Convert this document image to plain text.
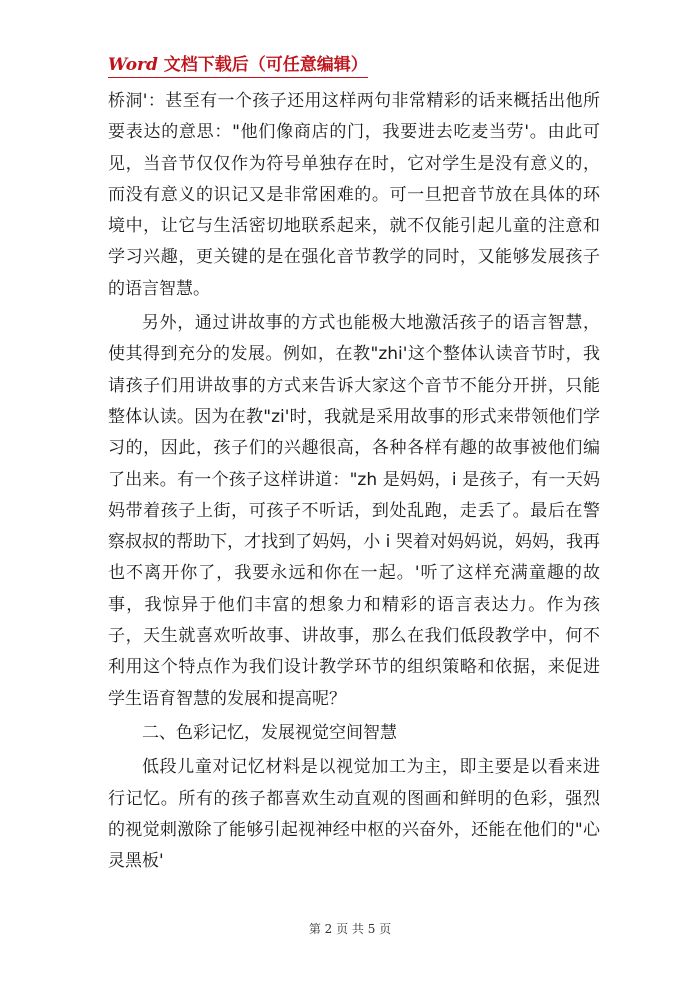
Word 文档下载后（可任意编辑）

桥洞'：甚至有一个孩子还用这样两句非常精彩的话来概括出他所要表达的意思："他们像商店的门，我要进去吃麦当劳'。由此可见，当音节仅仅作为符号单独存在时，它对学生是没有意义的，而没有意义的识记又是非常困难的。可一旦把音节放在具体的环境中，让它与生活密切地联系起来，就不仅能引起儿童的注意和学习兴趣，更关键的是在强化音节教学的同时，又能够发展孩子的语言智慧。

另外，通过讲故事的方式也能极大地激活孩子的语言智慧，使其得到充分的发展。例如，在教"zhi'这个整体认读音节时，我请孩子们用讲故事的方式来告诉大家这个音节不能分开拼，只能整体认读。因为在教"zi'时，我就是采用故事的形式来带领他们学习的，因此，孩子们的兴趣很高，各种各样有趣的故事被他们编了出来。有一个孩子这样讲道："zh 是妈妈，i 是孩子，有一天妈妈带着孩子上街，可孩子不听话，到处乱跑，走丢了。最后在警察叔叔的帮助下，才找到了妈妈，小 i 哭着对妈妈说，妈妈，我再也不离开你了，我要永远和你在一起。'听了这样充满童趣的故事，我惊异于他们丰富的想象力和精彩的语言表达力。作为孩子，天生就喜欢听故事、讲故事，那么在我们低段教学中，何不利用这个特点作为我们设计教学环节的组织策略和依据，来促进学生语育智慧的发展和提高呢？

二、色彩记忆，发展视觉空间智慧

低段儿童对记忆材料是以视觉加工为主，即主要是以看来进行记忆。所有的孩子都喜欢生动直观的图画和鲜明的色彩，强烈的视觉刺激除了能够引起视神经中枢的兴奋外，还能在他们的"心灵黑板'

第 2 页 共 5 页
